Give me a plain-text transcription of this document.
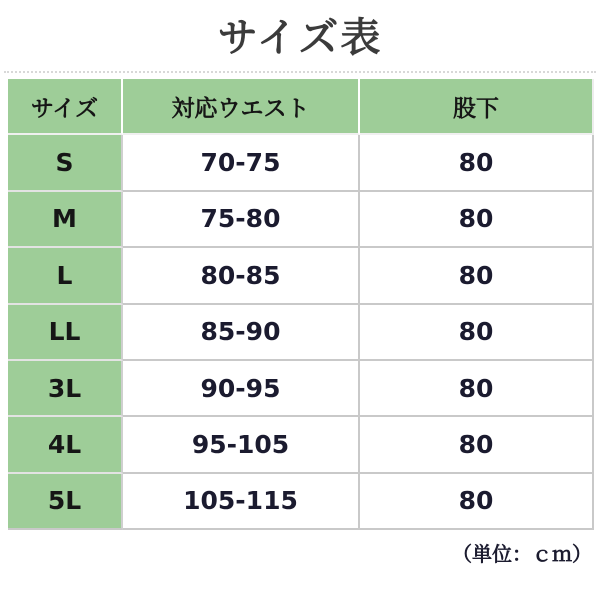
サイズ表
サイズ	対応ウエスト	股下
S	70-75	80
M	75-80	80
L	80-85	80
LL	85-90	80
3L	90-95	80
4L	95-105	80
5L	105-115	80
（単位：ｃｍ）
